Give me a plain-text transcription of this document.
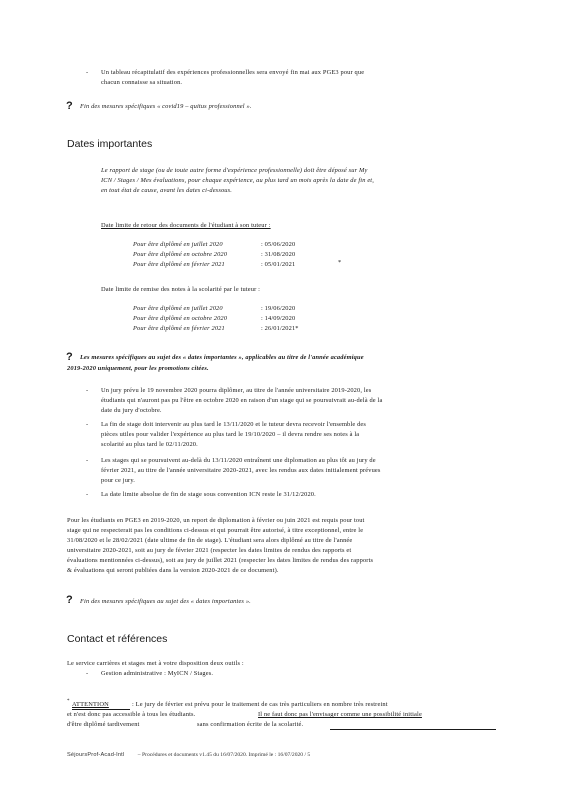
- Un tableau récapitulatif des expériences professionnelles sera envoyé fin mai aux PGE3 pour que
chacun connaisse sa situation.
? Fin des mesures spécifiques « covid19 – quitus professionnel ».
Dates importantes
Le rapport de stage (ou de toute autre forme d'expérience professionnelle) doit être déposé sur My
ICN / Stages / Mes évaluations, pour chaque expérience, au plus tard un mois après la date de fin et,
en tout état de cause, avant les dates ci-dessous.
Date limite de retour des documents de l'étudiant à son tuteur :
Pour être diplômé en juillet 2020	: 05/06/2020
Pour être diplômé en octobre 2020	: 31/08/2020
Pour être diplômé en février 2021	: 05/01/2021	*
Date limite de remise des notes à la scolarité par le tuteur :
Pour être diplômé en juillet 2020	: 19/06/2020
Pour être diplômé en octobre 2020	: 14/09/2020
Pour être diplômé en février 2021	: 26/01/2021*
? Les mesures spécifiques au sujet des « dates importantes », applicables au titre de l'année académique
2019-2020 uniquement, pour les promotions citées.
- Un jury prévu le 19 novembre 2020 pourra diplômer, au titre de l'année universitaire 2019-2020, les
étudiants qui n'auront pas pu l'être en octobre 2020 en raison d'un stage qui se poursuivrait au-delà de la
date du jury d'octobre.
- La fin de stage doit intervenir au plus tard le 13/11/2020 et le tuteur devra recevoir l'ensemble des
pièces utiles pour valider l'expérience au plus tard le 19/10/2020 – il devra rendre ses notes à la
scolarité au plus tard le 02/11/2020.
- Les stages qui se poursuivent au-delà du 13/11/2020 entraînent une diplomation au plus tôt au jury de
février 2021, au titre de l'année universitaire 2020-2021, avec les rendus aux dates initialement prévues
pour ce jury.
- La date limite absolue de fin de stage sous convention ICN reste le 31/12/2020.
Pour les étudiants en PGE3 en 2019-2020, un report de diplomation à février ou juin 2021 est requis pour tout
stage qui ne respecterait pas les conditions ci-dessus et qui pourrait être autorisé, à titre exceptionnel, entre le
31/08/2020 et le 28/02/2021 (date ultime de fin de stage). L'étudiant sera alors diplômé au titre de l'année
universitaire 2020-2021, soit au jury de février 2021 (respecter les dates limites de rendus des rapports et
évaluations mentionnées ci-dessus), soit au jury de juillet 2021 (respecter les dates limites de rendus des rapports
& évaluations qui seront publiées dans la version 2020-2021 de ce document).
? Fin des mesures spécifiques au sujet des « dates importantes ».
Contact et références
Le service carrières et stages met à votre disposition deux outils :
- Gestion administrative : MyICN / Stages.
* ATTENTION	: Le jury de février est prévu pour le traitement de cas très particuliers en nombre très restreint
et n'est donc pas accessible à tous les étudiants.	Il ne faut donc pas l'envisager comme une possibilité initiale
d'être diplômé tardivement	sans confirmation écrite de la scolarité.
SéjoursProf-Acad-Intl – Procédures et documents v1.45 du 16/07/2020. Imprimé le : 16/07/2020 / 5
